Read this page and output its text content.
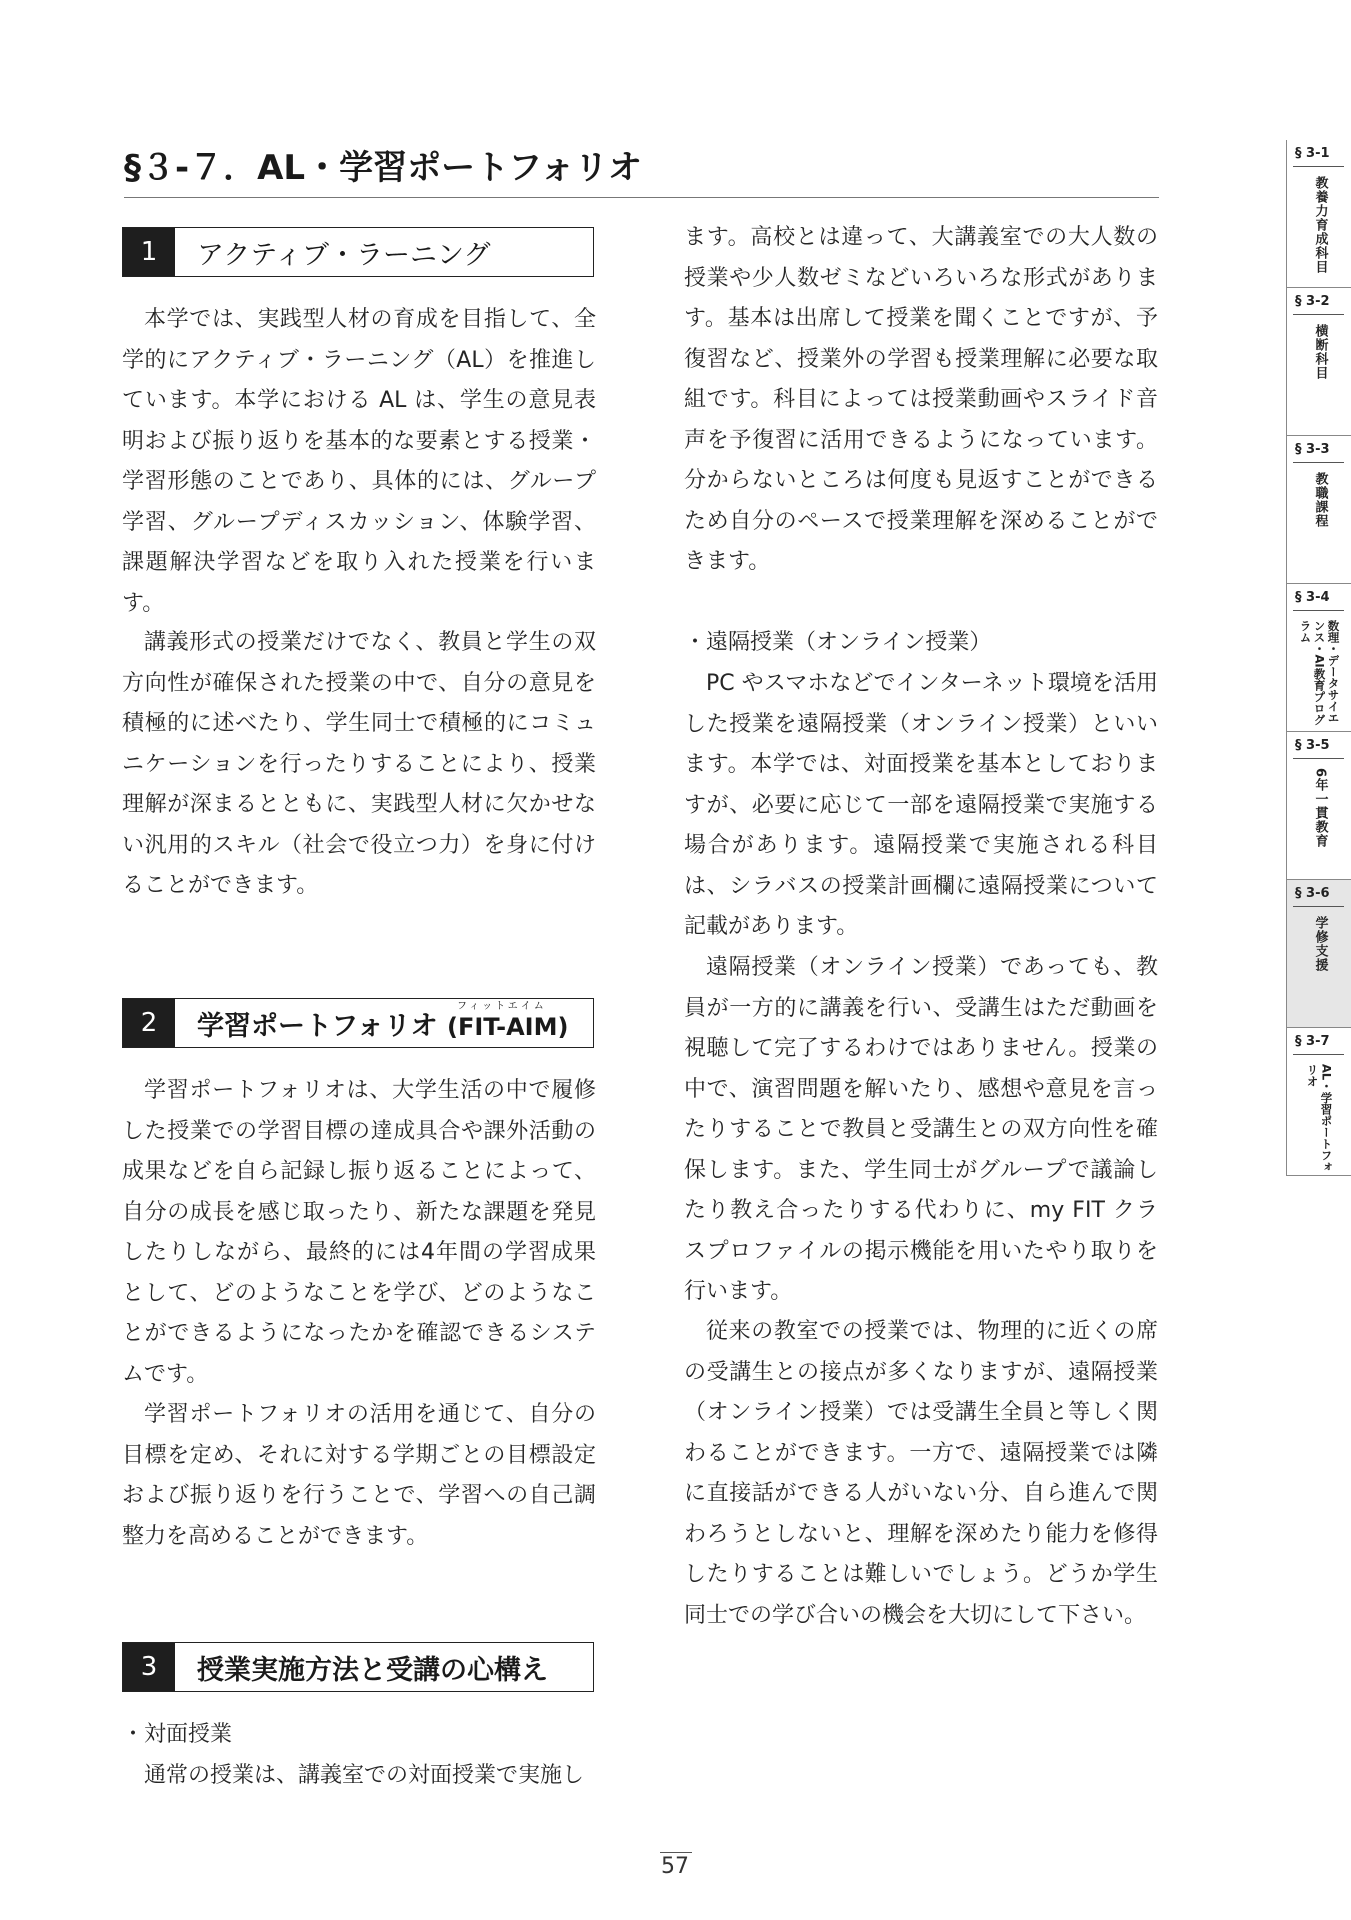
§３-７．AL・学習ポートフォリオ
1	アクティブ・ラーニング
本学では、実践型人材の育成を目指して、全学的にアクティブ・ラーニング（AL）を推進しています。本学における AL は、学生の意見表明および振り返りを基本的な要素とする授業・学習形態のことであり、具体的には、グループ学習、グループディスカッション、体験学習、課題解決学習などを取り入れた授業を行います。
講義形式の授業だけでなく、教員と学生の双方向性が確保された授業の中で、自分の意見を積極的に述べたり、学生同士で積極的にコミュニケーションを行ったりすることにより、授業理解が深まるとともに、実践型人材に欠かせない汎用的スキル（社会で役立つ力）を身に付けることができます。
2	学習ポートフォリオ
フィットエイム
(FIT-AIM)
学習ポートフォリオは、大学生活の中で履修した授業での学習目標の達成具合や課外活動の成果などを自ら記録し振り返ることによって、自分の成長を感じ取ったり、新たな課題を発見したりしながら、最終的には4年間の学習成果として、どのようなことを学び、どのようなことができるようになったかを確認できるシステムです。
学習ポートフォリオの活用を通じて、自分の目標を定め、それに対する学期ごとの目標設定および振り返りを行うことで、学習への自己調整力を高めることができます。
3	授業実施方法と受講の心構え
・対面授業
通常の授業は、講義室での対面授業で実施し
ます。高校とは違って、大講義室での大人数の授業や少人数ゼミなどいろいろな形式があります。基本は出席して授業を聞くことですが、予復習など、授業外の学習も授業理解に必要な取組です。科目によっては授業動画やスライド音声を予復習に活用できるようになっています。分からないところは何度も見返すことができるため自分のペースで授業理解を深めることができます。
・遠隔授業（オンライン授業）
PC やスマホなどでインターネット環境を活用した授業を遠隔授業（オンライン授業）といいます。本学では、対面授業を基本としておりますが、必要に応じて一部を遠隔授業で実施する場合があります。遠隔授業で実施される科目は、シラバスの授業計画欄に遠隔授業について記載があります。
遠隔授業（オンライン授業）であっても、教員が一方的に講義を行い、受講生はただ動画を視聴して完了するわけではありません。授業の中で、演習問題を解いたり、感想や意見を言ったりすることで教員と受講生との双方向性を確保します。また、学生同士がグループで議論したり教え合ったりする代わりに、my FIT クラスプロファイルの掲示機能を用いたやり取りを行います。
従来の教室での授業では、物理的に近くの席の受講生との接点が多くなりますが、遠隔授業（オンライン授業）では受講生全員と等しく関わることができます。一方で、遠隔授業では隣に直接話ができる人がいない分、自ら進んで関わろうとしないと、理解を深めたり能力を修得したりすることは難しいでしょう。どうか学生同士での学び合いの機会を大切にして下さい。
§ 3-1
教養力育成科目
§ 3-2
横断科目
§ 3-3
教職課程
§ 3-4
数理・データサイエンス・AI教育プログラム
§ 3-5
6年一貫教育
§ 3-6
学修支援
§ 3-7
AL・学習ポートフォリオ
57
